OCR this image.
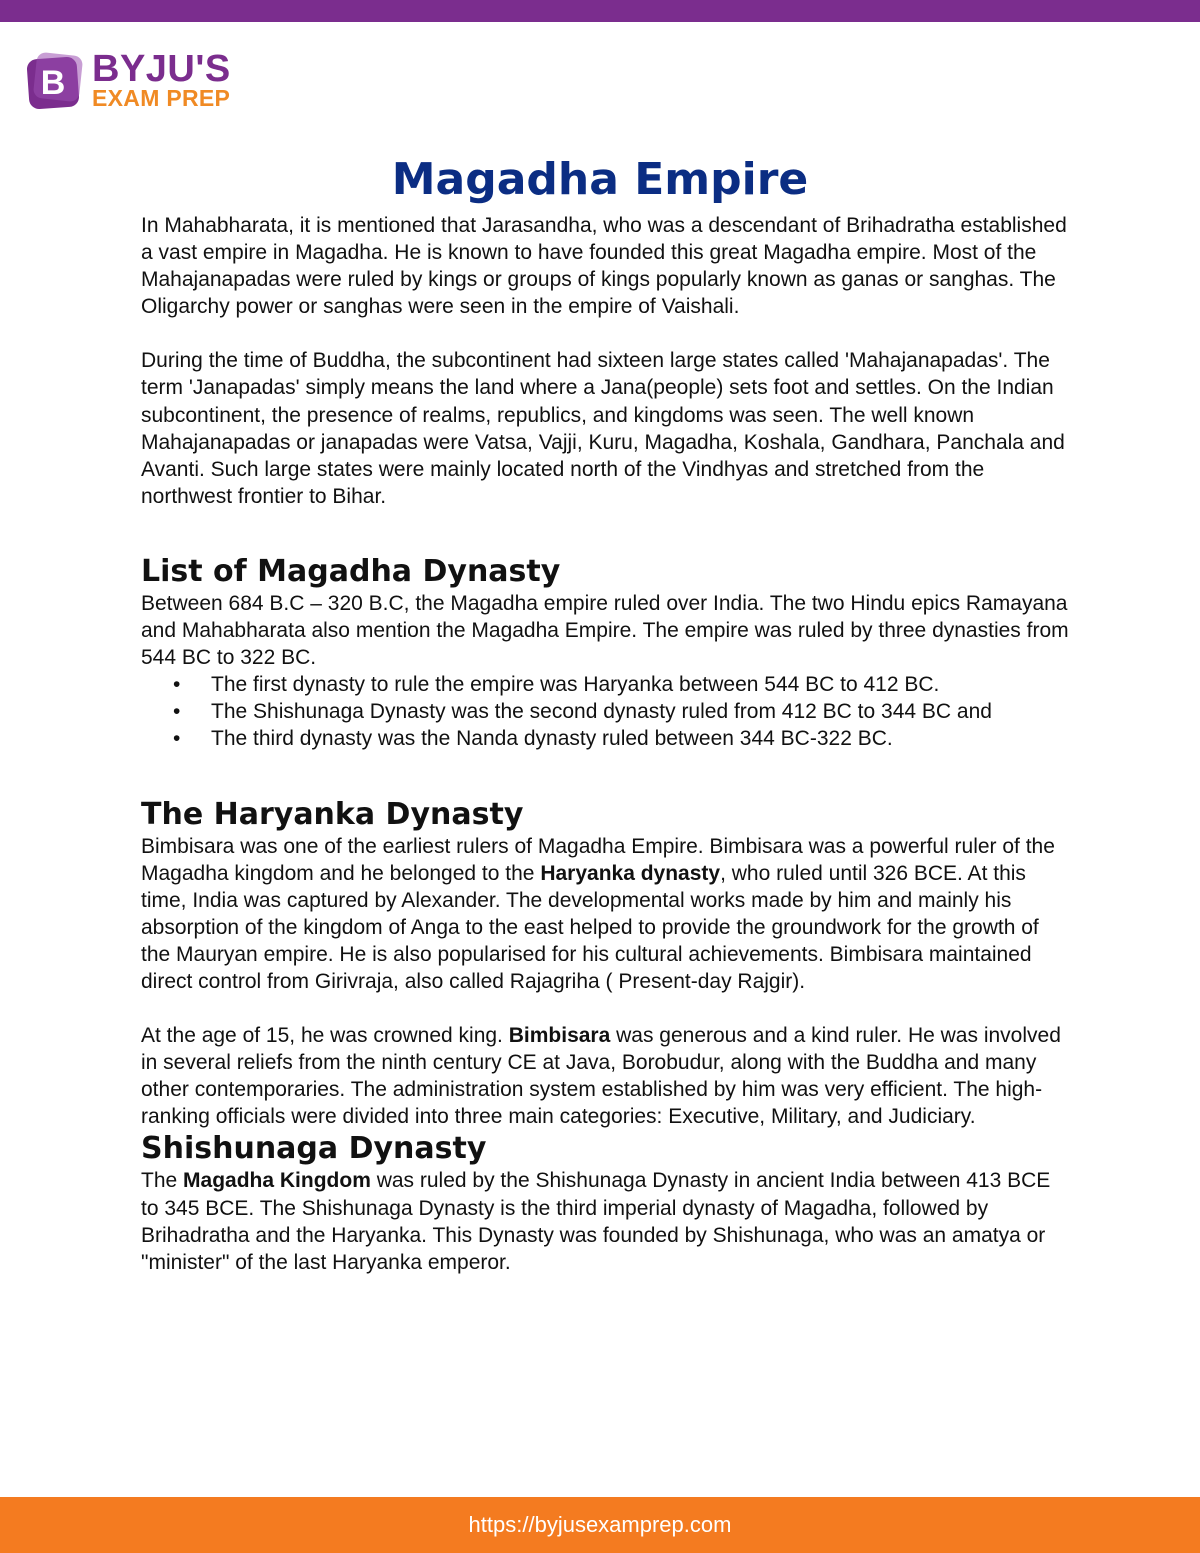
B BYJU'S
EXAM PREP
Magadha Empire

In Mahabharata, it is mentioned that Jarasandha, who was a descendant of Brihadratha established a vast empire in Magadha. He is known to have founded this great Magadha empire. Most of the Mahajanapadas were ruled by kings or groups of kings popularly known as ganas or sanghas. The Oligarchy power or sanghas were seen in the empire of Vaishali.

During the time of Buddha, the subcontinent had sixteen large states called 'Mahajanapadas'. The term 'Janapadas' simply means the land where a Jana(people) sets foot and settles. On the Indian subcontinent, the presence of realms, republics, and kingdoms was seen. The well known Mahajanapadas or janapadas were Vatsa, Vajji, Kuru, Magadha, Koshala, Gandhara, Panchala and Avanti. Such large states were mainly located north of the Vindhyas and stretched from the northwest frontier to Bihar.

List of Magadha Dynasty

Between 684 B.C – 320 B.C, the Magadha empire ruled over India. The two Hindu epics Ramayana and Mahabharata also mention the Magadha Empire. The empire was ruled by three dynasties from 544 BC to 322 BC.

• The first dynasty to rule the empire was Haryanka between 544 BC to 412 BC.
• The Shishunaga Dynasty was the second dynasty ruled from 412 BC to 344 BC and
• The third dynasty was the Nanda dynasty ruled between 344 BC-322 BC.
The Haryanka Dynasty

Bimbisara was one of the earliest rulers of Magadha Empire. Bimbisara was a powerful ruler of the Magadha kingdom and he belonged to the Haryanka dynasty, who ruled until 326 BCE. At this time, India was captured by Alexander. The developmental works made by him and mainly his absorption of the kingdom of Anga to the east helped to provide the groundwork for the growth of the Mauryan empire. He is also popularised for his cultural achievements. Bimbisara maintained direct control from Girivraja, also called Rajagriha ( Present-day Rajgir).

At the age of 15, he was crowned king. Bimbisara was generous and a kind ruler. He was involved in several reliefs from the ninth century CE at Java, Borobudur, along with the Buddha and many other contemporaries. The administration system established by him was very efficient. The high-ranking officials were divided into three main categories: Executive, Military, and Judiciary.

Shishunaga Dynasty

The Magadha Kingdom was ruled by the Shishunaga Dynasty in ancient India between 413 BCE to 345 BCE. The Shishunaga Dynasty is the third imperial dynasty of Magadha, followed by Brihadratha and the Haryanka. This Dynasty was founded by Shishunaga, who was an amatya or "minister" of the last Haryanka emperor.

https://byjusexamprep.com
